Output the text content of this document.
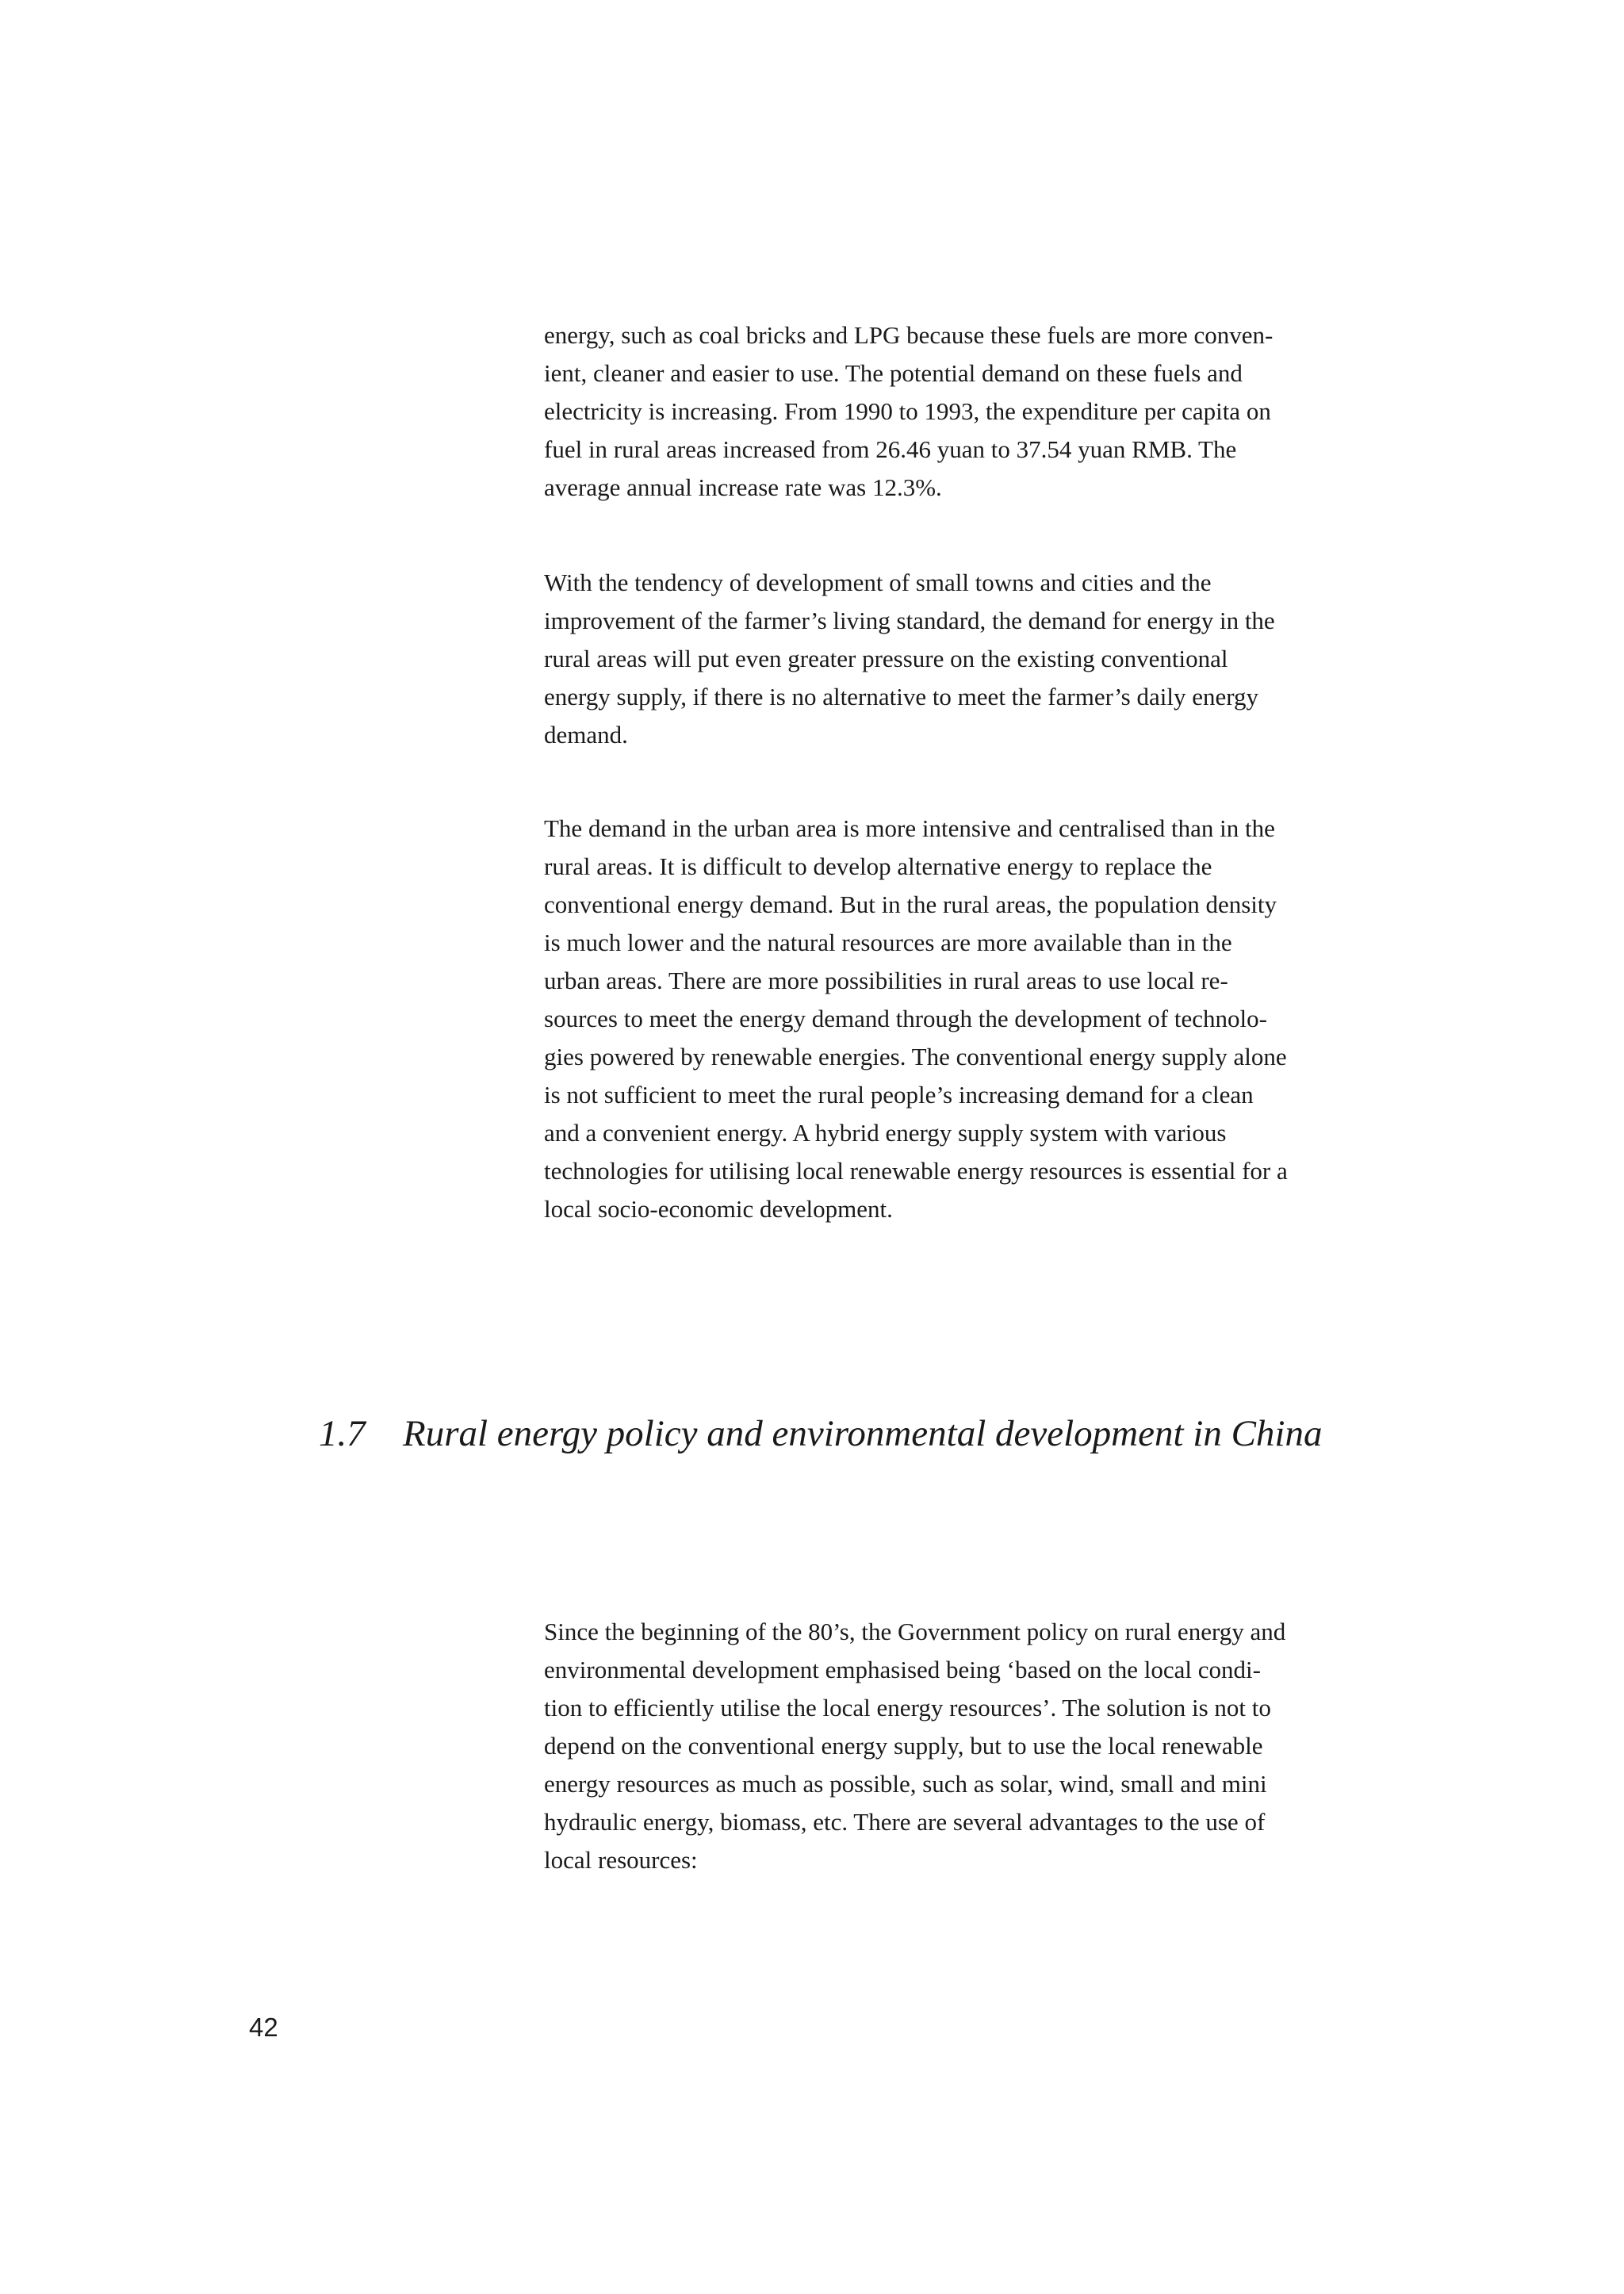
energy, such as coal bricks and LPG because these fuels are more conven-
ient, cleaner and easier to use. The potential demand on these fuels and
electricity is increasing. From 1990 to 1993, the expenditure per capita on
fuel in rural areas increased from 26.46 yuan to 37.54 yuan RMB. The
average annual increase rate was 12.3%.
With the tendency of development of small towns and cities and the
improvement of the farmer’s living standard, the demand for energy in the
rural areas will put even greater pressure on the existing conventional
energy supply, if there is no alternative to meet the farmer’s daily energy
demand.
The demand in the urban area is more intensive and centralised than in the
rural areas. It is difficult to develop alternative energy to replace the
conventional energy demand. But in the rural areas, the population density
is much lower and the natural resources are more available than in the
urban areas. There are more possibilities in rural areas to use local re-
sources to meet the energy demand through the development of technolo-
gies powered by renewable energies. The conventional energy supply alone
is not sufficient to meet the rural people’s increasing demand for a clean
and a convenient energy. A hybrid energy supply system with various
technologies for utilising local renewable energy resources is essential for a
local socio-economic development.
1.7 Rural energy policy and environmental development in China
Since the beginning of the 80’s, the Government policy on rural energy and
environmental development emphasised being ‘based on the local condi-
tion to efficiently utilise the local energy resources’. The solution is not to
depend on the conventional energy supply, but to use the local renewable
energy resources as much as possible, such as solar, wind, small and mini
hydraulic energy, biomass, etc. There are several advantages to the use of
local resources:
42
